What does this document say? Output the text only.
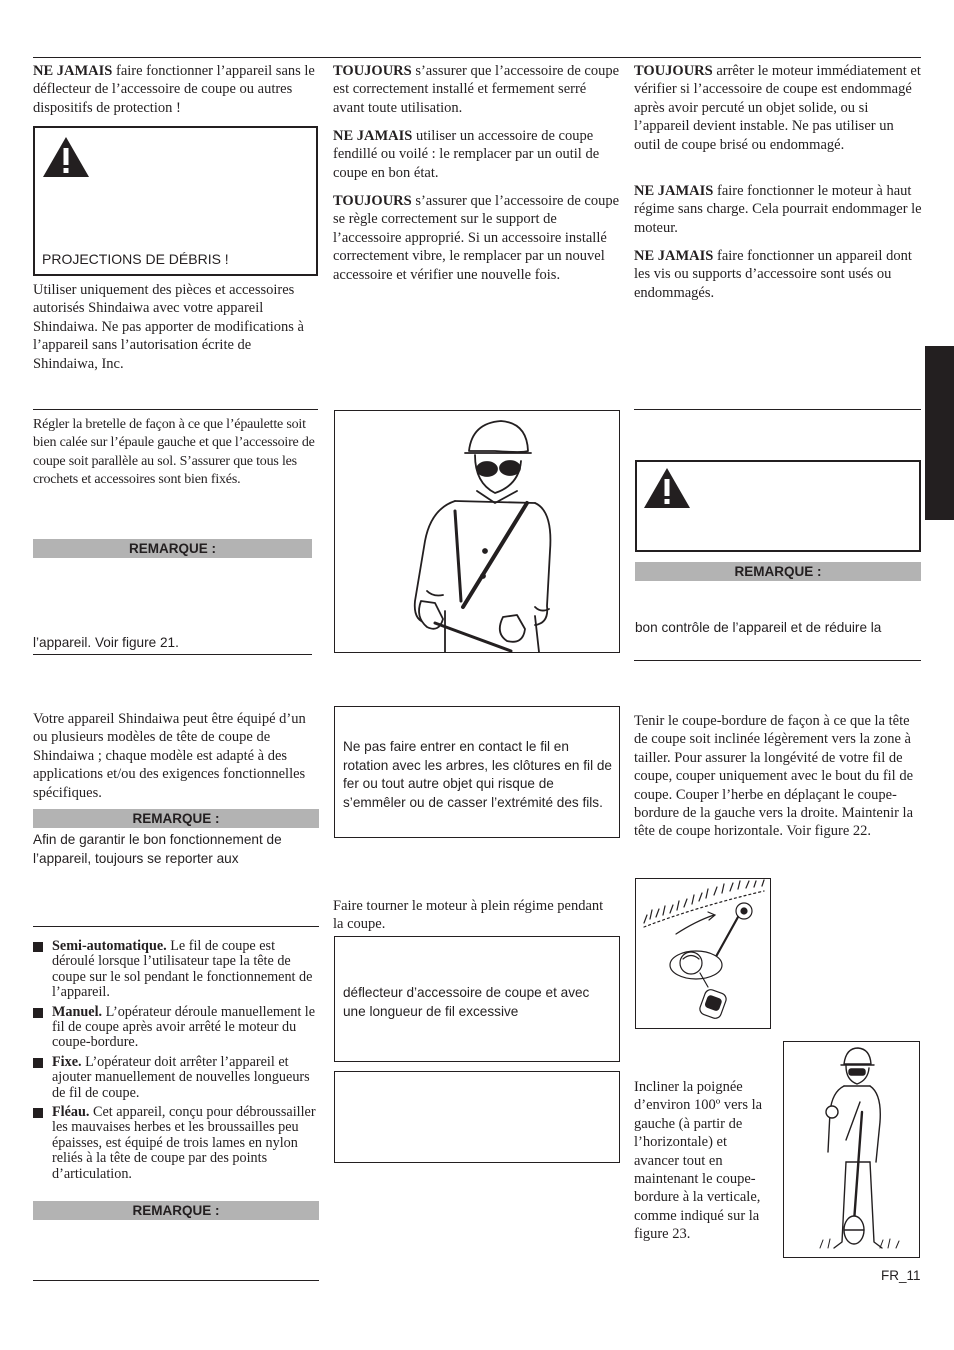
NE JAMAIS faire fonctionner l’appareil sans le déflecteur de l’accessoire de coupe ou autres dispositifs de protection !

PROJECTIONS DE DÉBRIS !

Utiliser uniquement des pièces et accessoires autorisés Shindaiwa avec votre appareil Shindaiwa. Ne pas apporter de modifications à l’appareil sans l’autorisation écrite de Shindaiwa, Inc.

Régler la bretelle de façon à ce que l’épaulette soit bien calée sur l’épaule gauche et que l’accessoire de coupe soit parallèle au sol. S’assurer que tous les crochets et accessoires sont bien fixés.

REMARQUE :
l’appareil. Voir figure 21.

Votre appareil Shindaiwa peut être équipé d’un ou plusieurs modèles de tête de coupe de Shindaiwa ; chaque modèle est adapté à des applications et/ou des exigences fonctionnelles spécifiques.

REMARQUE :

Afin de garantir le bon fonctionnement de l’appareil, toujours se reporter aux

Semi-automatique. Le fil de coupe est déroulé lorsque l’utilisateur tape la tête de coupe sur le sol pendant le fonctionnement de l’appareil.
Manuel. L’opérateur déroule manuellement le fil de coupe après avoir arrêté le moteur du coupe-bordure.
Fixe. L’opérateur doit arrêter l’appareil et ajouter manuellement de nouvelles longueurs de fil de coupe.
Fléau. Cet appareil, conçu pour débroussailler les mauvaises herbes et les broussailles peu épaisses, est équipé de trois lames en nylon reliés à la tête de coupe par des points d’articulation.
REMARQUE :

TOUJOURS s’assurer que l’accessoire de coupe est correctement installé et fermement serré avant toute utilisation.

NE JAMAIS utiliser un accessoire de coupe fendillé ou voilé : le remplacer par un outil de coupe en bon état.

TOUJOURS s’assurer que l’accessoire de coupe se règle correctement sur le support de l’accessoire approprié. Si un accessoire installé correctement vibre, le remplacer par un nouvel accessoire et vérifier une nouvelle fois.

Ne pas faire entrer en contact le fil en rotation avec les arbres, les clôtures en fil de fer ou tout autre objet qui risque de s’emmêler ou de casser l’extrémité des fils.

Faire tourner le moteur à plein régime pendant la coupe.

déflecteur d’accessoire de coupe et avec une longueur de fil excessive

TOUJOURS arrêter le moteur immédiatement et vérifier si l’accessoire de coupe est endommagé après avoir percuté un objet solide, ou si l’appareil devient instable. Ne pas utiliser un outil de coupe brisé ou endommagé.

NE JAMAIS faire fonctionner le moteur à haut régime sans charge. Cela pourrait endommager le moteur.

NE JAMAIS faire fonctionner un appareil dont les vis ou supports d’accessoire sont usés ou endommagés.

REMARQUE :
bon contrôle de l’appareil et de réduire la

Tenir le coupe-bordure de façon à ce que la tête de coupe soit inclinée légèrement vers la zone à tailler. Pour assurer la longévité de votre fil de coupe, couper uniquement avec le bout du fil de coupe. Couper l’herbe en déplaçant le coupe-bordure de la gauche vers la droite. Maintenir la tête de coupe horizontale. Voir figure 22.

Incliner la poignée d’environ 100º vers la gauche (à partir de l’horizontale) et avancer tout en maintenant le coupe-bordure à la verticale, comme indiqué sur la figure 23.

FR_11
